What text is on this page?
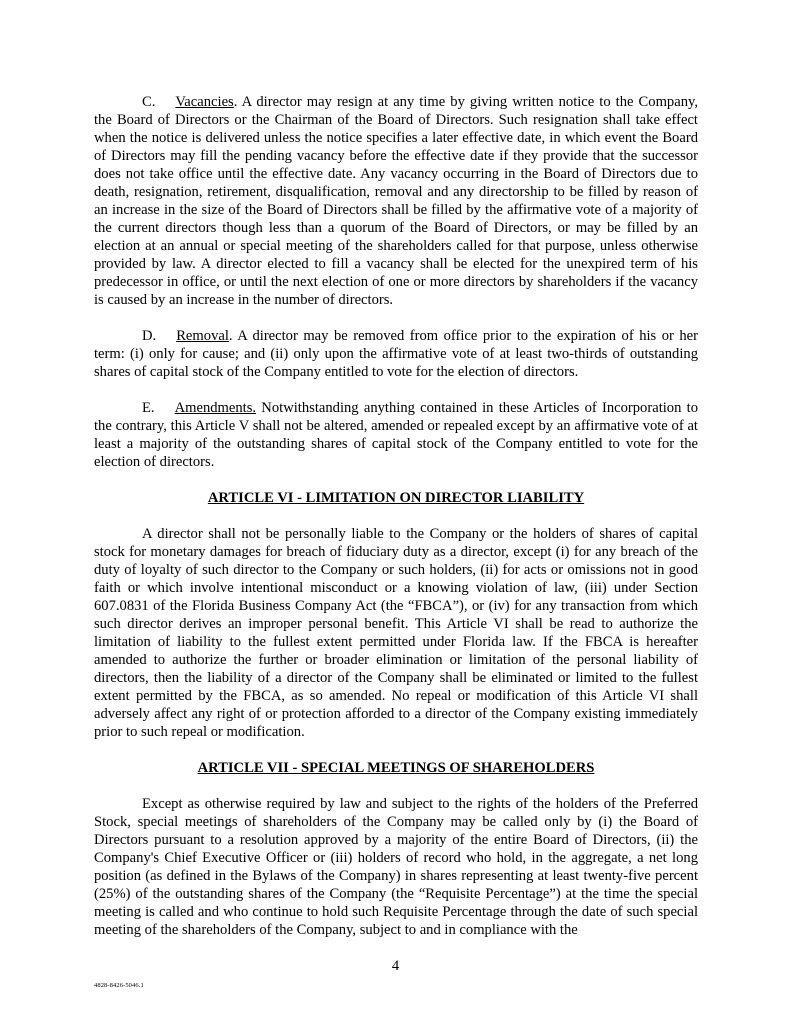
C. Vacancies. A director may resign at any time by giving written notice to the Company, the Board of Directors or the Chairman of the Board of Directors. Such resignation shall take effect when the notice is delivered unless the notice specifies a later effective date, in which event the Board of Directors may fill the pending vacancy before the effective date if they provide that the successor does not take office until the effective date. Any vacancy occurring in the Board of Directors due to death, resignation, retirement, disqualification, removal and any directorship to be filled by reason of an increase in the size of the Board of Directors shall be filled by the affirmative vote of a majority of the current directors though less than a quorum of the Board of Directors, or may be filled by an election at an annual or special meeting of the shareholders called for that purpose, unless otherwise provided by law. A director elected to fill a vacancy shall be elected for the unexpired term of his predecessor in office, or until the next election of one or more directors by shareholders if the vacancy is caused by an increase in the number of directors.

D. Removal. A director may be removed from office prior to the expiration of his or her term: (i) only for cause; and (ii) only upon the affirmative vote of at least two-thirds of outstanding shares of capital stock of the Company entitled to vote for the election of directors.

E. Amendments. Notwithstanding anything contained in these Articles of Incorporation to the contrary, this Article V shall not be altered, amended or repealed except by an affirmative vote of at least a majority of the outstanding shares of capital stock of the Company entitled to vote for the election of directors.

ARTICLE VI - LIMITATION ON DIRECTOR LIABILITY

A director shall not be personally liable to the Company or the holders of shares of capital stock for monetary damages for breach of fiduciary duty as a director, except (i) for any breach of the duty of loyalty of such director to the Company or such holders, (ii) for acts or omissions not in good faith or which involve intentional misconduct or a knowing violation of law, (iii) under Section 607.0831 of the Florida Business Company Act (the “FBCA”), or (iv) for any transaction from which such director derives an improper personal benefit. This Article VI shall be read to authorize the limitation of liability to the fullest extent permitted under Florida law. If the FBCA is hereafter amended to authorize the further or broader elimination or limitation of the personal liability of directors, then the liability of a director of the Company shall be eliminated or limited to the fullest extent permitted by the FBCA, as so amended. No repeal or modification of this Article VI shall adversely affect any right of or protection afforded to a director of the Company existing immediately prior to such repeal or modification.

ARTICLE VII - SPECIAL MEETINGS OF SHAREHOLDERS

Except as otherwise required by law and subject to the rights of the holders of the Preferred Stock, special meetings of shareholders of the Company may be called only by (i) the Board of Directors pursuant to a resolution approved by a majority of the entire Board of Directors, (ii) the Company's Chief Executive Officer or (iii) holders of record who hold, in the aggregate, a net long position (as defined in the Bylaws of the Company) in shares representing at least twenty-five percent (25%) of the outstanding shares of the Company (the “Requisite Percentage”) at the time the special meeting is called and who continue to hold such Requisite Percentage through the date of such special meeting of the shareholders of the Company, subject to and in compliance with the

4
4828-8426-5046.1
